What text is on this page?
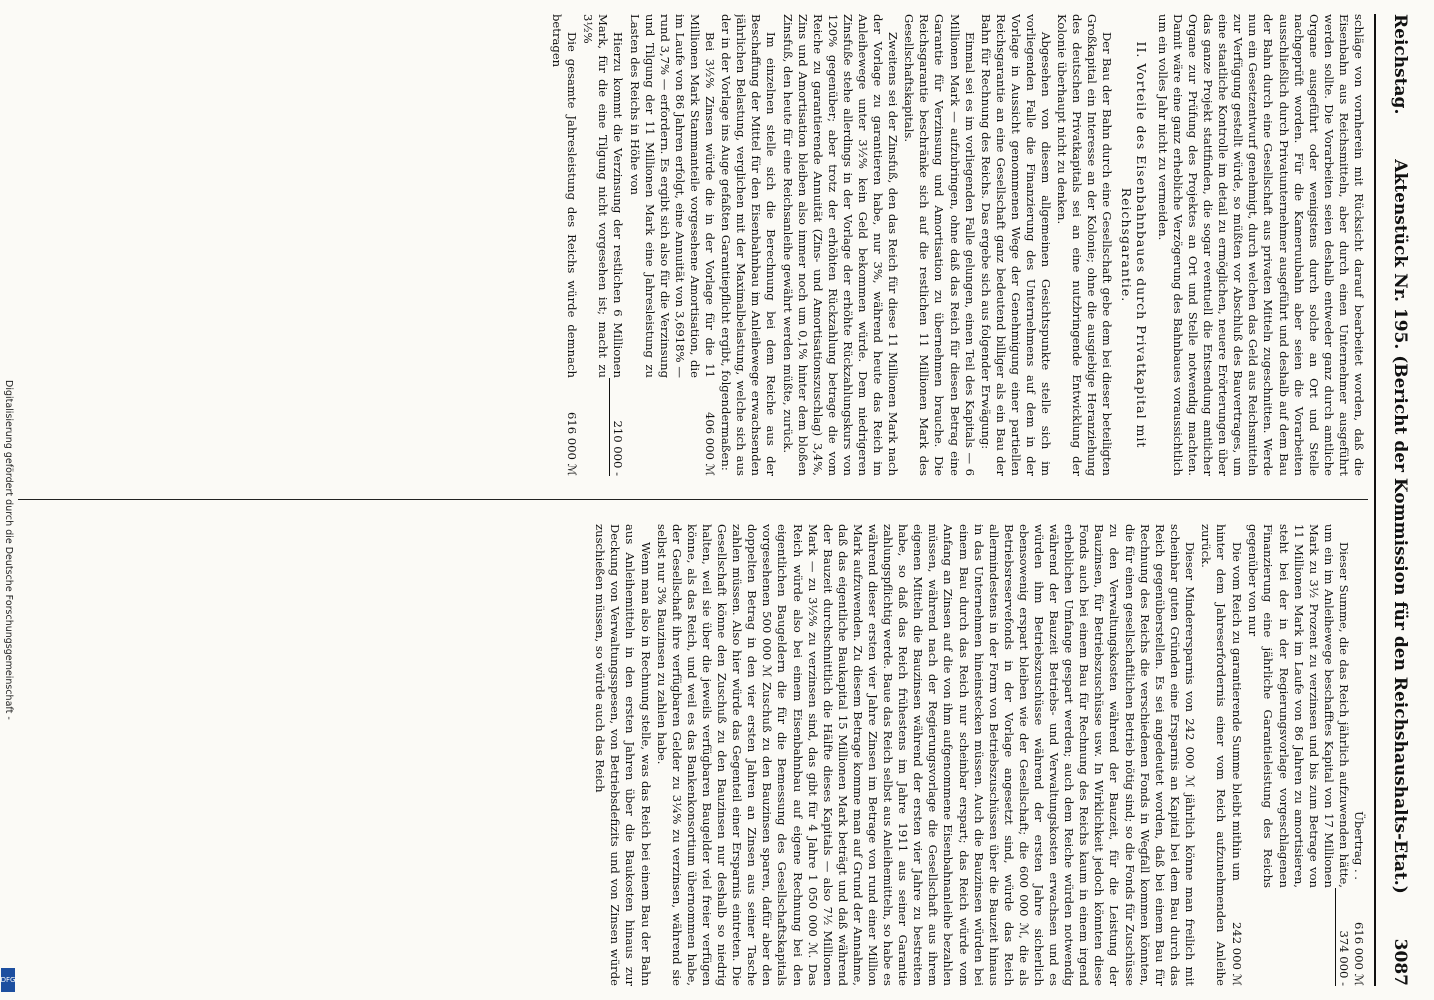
Reichstag.
Aktenstück Nr. 195. (Bericht der Kommission für den Reichshaushalts-Etat.)
3087

schläge von vornherein mit Rücksicht darauf bearbeitet worden, daß die Eisenbahn aus Reichsmitteln, aber durch einen Unternehmer ausgeführt werden sollte. Die Vorarbeiten seien deshalb entweder ganz durch amtliche Organe ausgeführt oder wenigstens durch solche an Ort und Stelle nachgeprüft worden. Für die Kameruubahn aber seien die Vorarbeiten ausschließlich durch Privatunternehmer ausgeführt und deshalb auf dem Bau der Bahn durch eine Gesellschaft aus privaten Mitteln zugeschnitten. Werde nun ein Gesetzentwurf genehmigt, durch welchen das Geld aus Reichsmitteln zur Verfügung gestellt würde, so müßten vor Abschluß des Bauvertrages, um eine staatliche Kontrolle im detail zu ermöglichen, neuere Erörterungen über das ganze Projekt stattfinden, die sogar eventuell die Entsendung amtlicher Organe zur Prüfung des Projektes an Ort und Stelle notwendig machten. Damit wäre eine ganz erhebliche Verzögerung des Bahnbaues voraussichtlich um ein volles Jahr nicht zu vermeiden.

II. Vorteile des Eisenbahnbaues durch Privatkapital mit Reichsgarantie.

Der Bau der Bahn durch eine Gesellschaft gebe dem bei dieser beteiligten Großkapital ein Interesse an der Kolonie; ohne die ausgiebige Heranziehung des deutschen Privatkapitals sei an eine nutzbringende Entwicklung der Kolonie überhaupt nicht zu denken.

Abgesehen von diesem allgemeinen Gesichtspunkte stelle sich im vorliegenden Falle die Finanzierung des Unternehmens auf dem in der Vorlage in Aussicht genommenen Wege der Genehmigung einer partiellen Reichsgarantie an eine Gesellschaft ganz bedeutend billiger als ein Bau der Bahn für Rechnung des Reichs. Das ergebe sich aus folgender Erwägung:

Einmal sei es im vorliegenden Falle gelungen, einen Teil des Kapitals — 6 Millionen Mark — aufzubringen, ohne daß das Reich für diesen Betrag eine Garantie für Verzinsung und Amortisation zu übernehmen brauche. Die Reichsgarantie beschränke sich auf die restlichen 11 Millionen Mark des Gesellschaftskapitals.

Zweitens sei der Zinsfuß, den das Reich für diese 11 Millionen Mark nach der Vorlage zu garantieren habe, nur 3%, während heute das Reich im Anleihewege unter 3½% kein Geld bekommen würde. Dem niedrigeren Zinsfuße stehe allerdings in der Vorlage der erhöhte Rückzahlungskurs von 120% gegenüber; aber trotz der erhöhten Rückzahlung betrage die vom Reiche zu garantierende Annuität (Zins- und Amortisationszuschlag) 3,4%, Zins und Amortisation bleiben also immer noch um 0,1% hinter dem bloßen Zinsfuß, den heute für eine Reichsanleihe gewährt werden müßte, zurück.

Im einzelnen stelle sich die Berechnung bei dem Reiche aus der Beschaffung der Mittel für den Eisenbahnbau im Anleihewege erwachsenden jährlichen Belastung, verglichen mit der Maximalbelastung, welche sich aus der in der Vorlage ins Auge gefaßten Garantiepflicht ergibt, folgendermaßen:

Bei 3½% Zinsen würde die in der Vorlage für die 11 Millionen Mark Stammanteile vorgesehene Amortisation, die im Laufe von 86 Jahren erfolgt, eine Annuität von 3,6918% — rund 3,7% — erfordern. Es ergibt sich also für die Verzinsung und Tilgung der 11 Millionen Mark eine Jahresleistung zu Lasten des Reichs in Höhe von

406 000 ℳ

Hierzu kommt die Verzinsung der restlichen 6 Millionen Mark, für die eine Tilgung nicht vorgesehen ist; macht zu 3½%

210 000 -

Die gesamte Jahresleistung des Reichs würde demnach betragen

616 000 ℳ
Übertrag . .
616 000 ℳ

Dieser Summe, die das Reich jährlich aufzuwenden hätte, um ein im Anleihewege beschafftes Kapital von 17 Millionen Mark zu 3½ Prozent zu verzinsen und bis zum Betrage von 11 Millionen Mark im Laufe von 86 Jahren zu amortisieren, steht bei der in der Regierungsvorlage vorgeschlagenen Finanzierung eine jährliche Garantieleistung des Reichs gegenüber von nur

374 000 -

Die vom Reich zu garantierende Summe bleibt mithin um

242 000 ℳ

hinter dem Jahreserfordernis einer vom Reich aufzunehmenden Anleihe zurück.

Dieser Minderersparnis von 242 000 ℳ jährlich könne man freilich mit scheinbar guten Gründen eine Ersparnis an Kapital bei dem Bau durch das Reich gegenüberstellen. Es sei angedeutet worden, daß bei einem Bau für Rechnung des Reichs die verschiedenen Fonds in Wegfall kommen könnten, die für einen gesellschaftlichen Betrieb nötig sind; so die Fonds für Zuschüsse zu den Verwaltungskosten während der Bauzeit, für die Leistung der Bauzinsen, für Betriebszuschüsse usw. In Wirklichkeit jedoch könnten diese Fonds auch bei einem Bau für Rechnung des Reichs kaum in einem irgend erheblichen Umfange gespart werden; auch dem Reiche würden notwendig während der Bauzeit Betriebs- und Verwaltungskosten erwachsen und es würden ihm Betriebszuschüsse während der ersten Jahre sicherlich ebensowenig erspart bleiben wie der Gesellschaft; die 600 000 ℳ, die als Betriebsreservefonds in der Vorlage angesetzt sind, würde das Reich allermindestens in der Form von Betriebszuschüssen über die Bauzeit hinaus in das Unternehmen hineinstecken müssen. Auch die Bauzinsen würden bei einem Bau durch das Reich nur scheinbar erspart; das Reich würde vom Anfang an Zinsen auf die von ihm aufgenommene Eisenbahnanleihe bezahlen müssen, während nach der Regierungsvorlage die Gesellschaft aus ihrem eigenen Mitteln die Bauzinsen während der ersten vier Jahre zu bestreiten habe, so daß das Reich frühestens im Jahre 1911 aus seiner Garantie zahlungspflichtig werde. Baue das Reich selbst aus Anleihemitteln, so habe es während dieser ersten vier Jahre Zinsen im Betrage von rund einer Million Mark aufzuwenden. Zu diesem Betrage komme man auf Grund der Annahme, daß das eigentliche Baukapital 15 Millionen Mark beträgt und daß während der Bauzeit durchschnittlich die Hälfte dieses Kapitals — also 7½ Millionen Mark — zu 3½% zu verzinsen sind, das gibt für 4 Jahre 1 050 000 ℳ. Das Reich würde also bei einem Eisenbahnbau auf eigene Rechnung bei den eigentlichen Baugeldern die für die Bemessung des Gesellschaftskapitals vorgesehenen 500 000 ℳ Zuschuß zu den Bauzinsen sparen, dafür aber den doppelten Betrag in den vier ersten Jahren an Zinsen aus seiner Tasche zahlen müssen. Also hier würde das Gegenteil einer Ersparnis eintreten. Die Gesellschaft könne den Zuschuß zu den Bauzinsen nur deshalb so niedrig halten, weil sie über die jeweils verfügbaren Baugelder viel freier verfügen könne, als das Reich, und weil es das Bankenkonsortium übernommen habe, der Gesellschaft ihre verfügbaren Gelder zu 3¼% zu verzinsen, während sie selbst nur 3% Bauzinsen zu zahlen habe.

Wenn man also in Rechnung stelle, was das Reich bei einem Bau der Bahn aus Anleihemitteln in den ersten Jahren über die Baukosten hinaus zur Deckung von Verwaltungsspesen, von Betriebsdefizits und von Zinsen würde zuschießen müssen, so würde auch das Reich

Digitalisierung gefördert durch die Deutsche Forschungsgemeinschaft -
DFG
